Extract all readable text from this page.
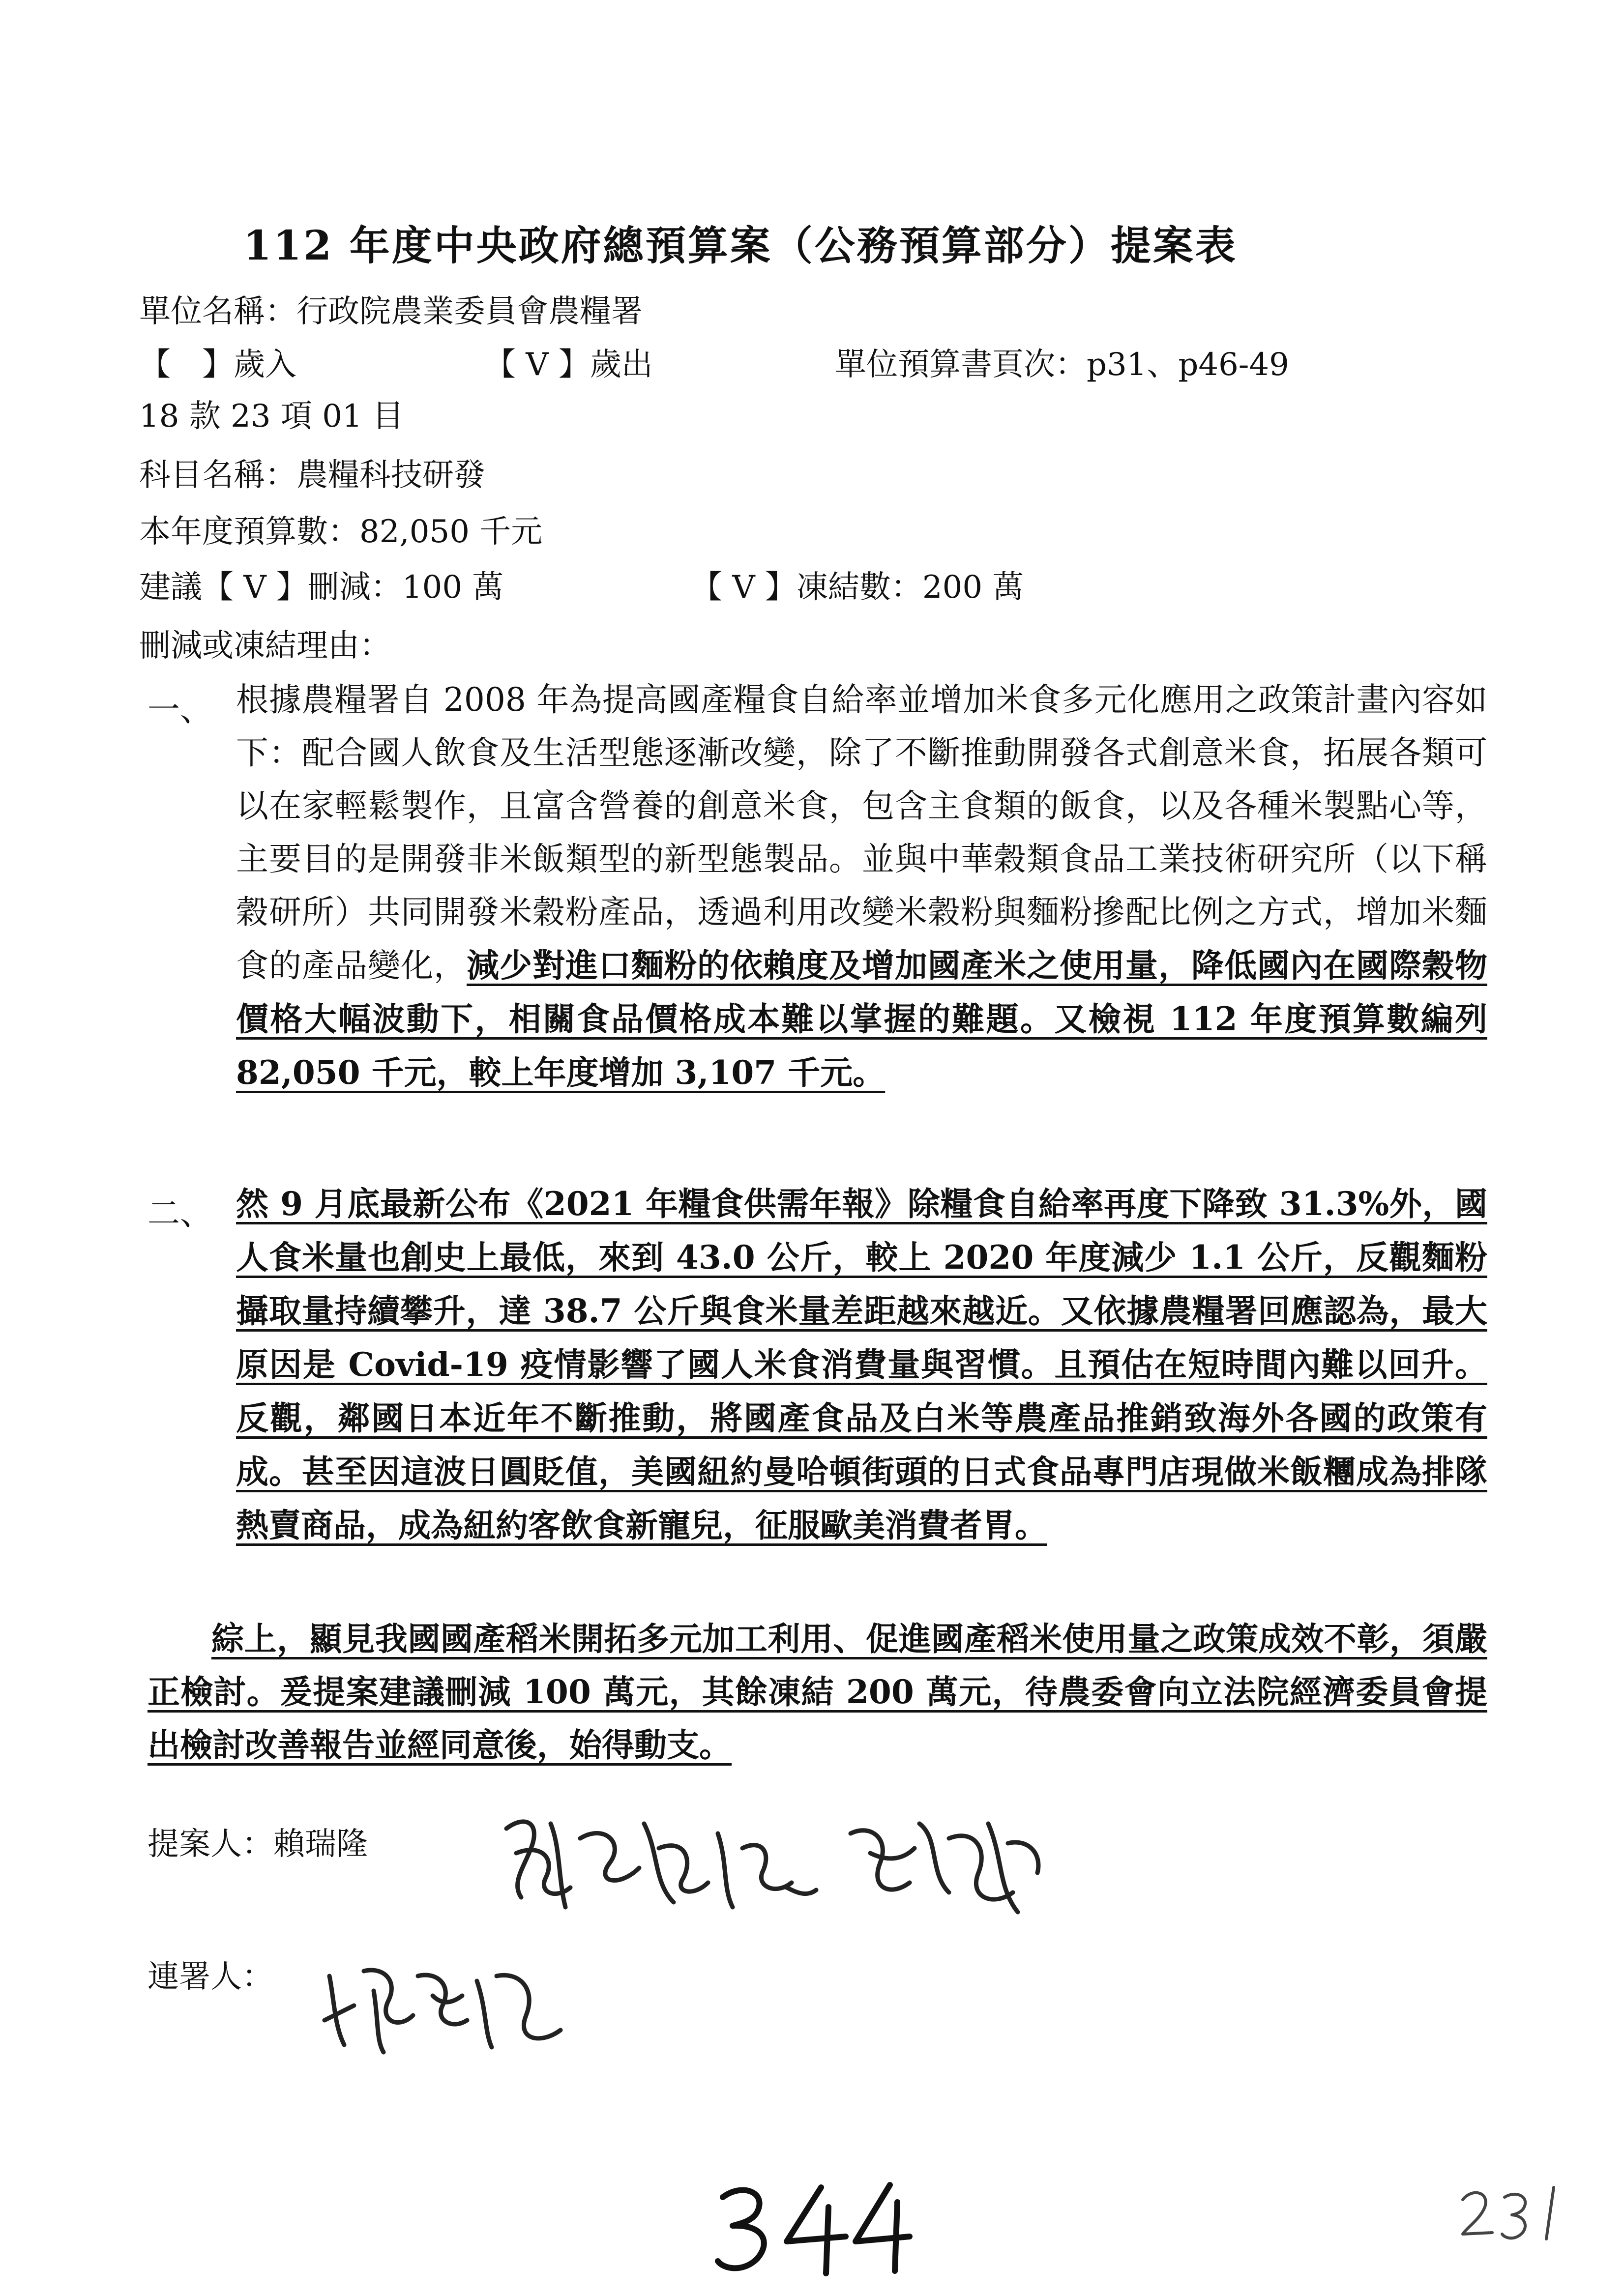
112 年度中央政府總預算案（公務預算部分）提案表
單位名稱：行政院農業委員會農糧署
【　】歲入	【 V 】歲出	單位預算書頁次：p31、p46-49
18 款 23 項 01 目
科目名稱：農糧科技研發
本年度預算數：82,050 千元
建議【 V 】刪減：100 萬	【 V 】凍結數：200 萬
刪減或凍結理由：
一、 根據農糧署自 2008 年為提高國產糧食自給率並增加米食多元化應用之政策計畫內容如下：配合國人飲食及生活型態逐漸改變，除了不斷推動開發各式創意米食，拓展各類可以在家輕鬆製作，且富含營養的創意米食，包含主食類的飯食，以及各種米製點心等，主要目的是開發非米飯類型的新型態製品。並與中華穀類食品工業技術研究所（以下稱穀研所）共同開發米穀粉產品，透過利用改變米穀粉與麵粉摻配比例之方式，增加米麵食的產品變化，減少對進口麵粉的依賴度及增加國產米之使用量，降低國內在國際穀物價格大幅波動下，相關食品價格成本難以掌握的難題。又檢視 112 年度預算數編列 82,050 千元，較上年度增加 3,107 千元。
二、 然 9 月底最新公布《2021 年糧食供需年報》除糧食自給率再度下降致 31.3%外，國人食米量也創史上最低，來到 43.0 公斤，較上 2020 年度減少 1.1 公斤，反觀麵粉攝取量持續攀升，達 38.7 公斤與食米量差距越來越近。又依據農糧署回應認為，最大原因是 Covid-19 疫情影響了國人米食消費量與習慣。且預估在短時間內難以回升。反觀，鄰國日本近年不斷推動，將國產食品及白米等農產品推銷致海外各國的政策有成。甚至因這波日圓貶值，美國紐約曼哈頓街頭的日式食品專門店現做米飯糰成為排隊熱賣商品，成為紐約客飲食新寵兒，征服歐美消費者胃。
綜上，顯見我國國產稻米開拓多元加工利用、促進國產稻米使用量之政策成效不彰，須嚴正檢討。爰提案建議刪減 100 萬元，其餘凍結 200 萬元，待農委會向立法院經濟委員會提出檢討改善報告並經同意後，始得動支。
提案人：賴瑞隆
連署人：
